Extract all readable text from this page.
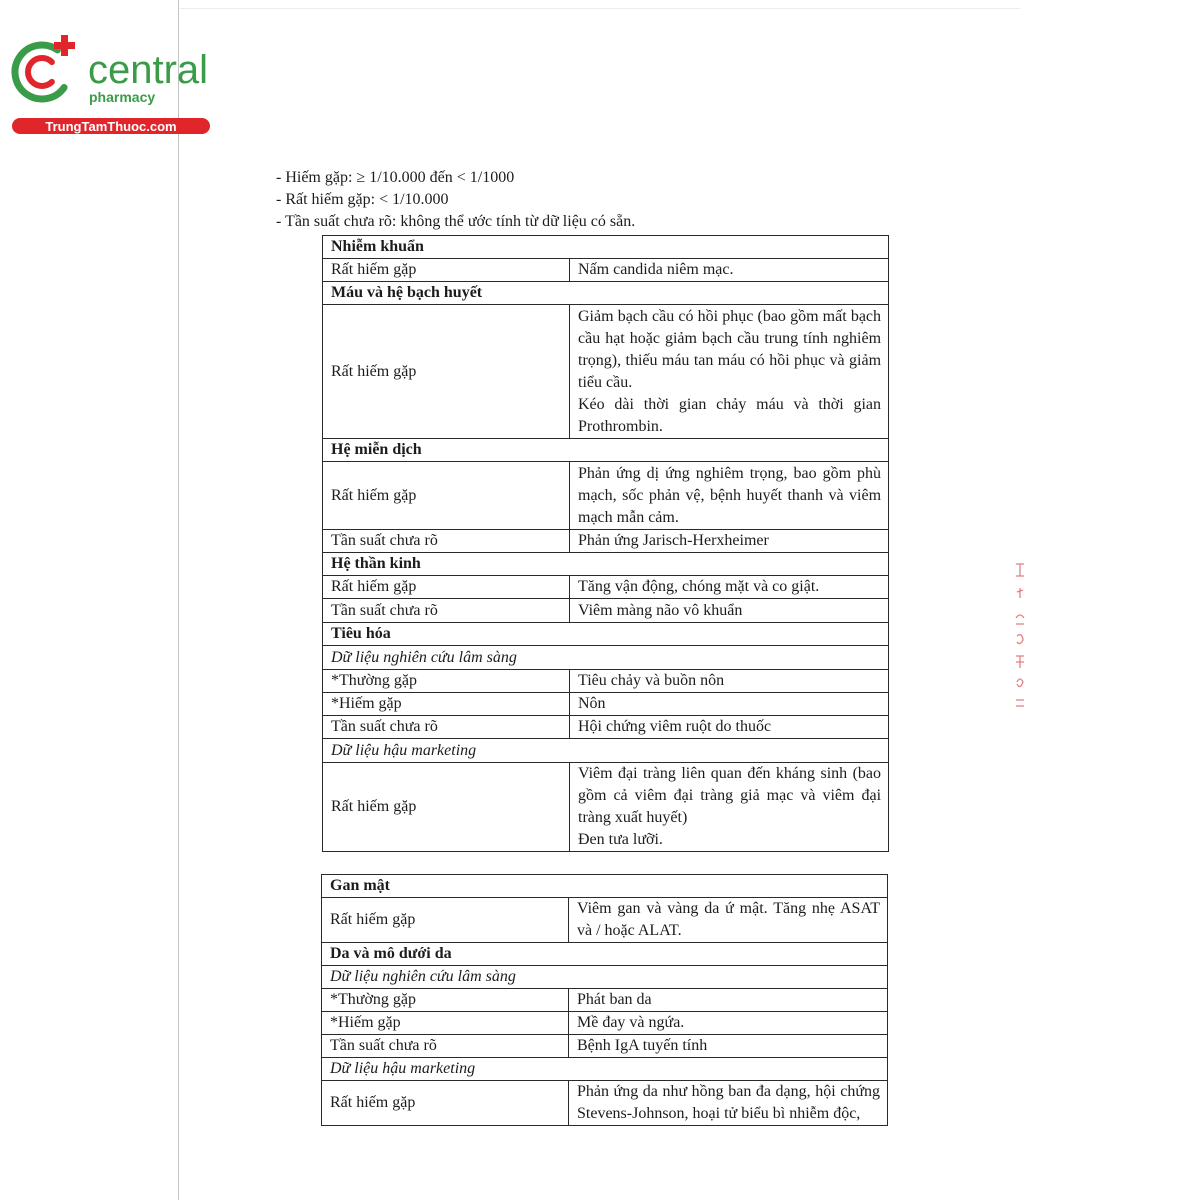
central
pharmacy
TrungTamThuoc.com
- Hiếm gặp: ≥ 1/10.000 đến < 1/1000
- Rất hiếm gặp: < 1/10.000
- Tần suất chưa rõ: không thể ước tính từ dữ liệu có sẵn.
Nhiễm khuẩn	
Rất hiếm gặp	Nấm candida niêm mạc.

Máu và hệ bạch huyết	
Rất hiếm gặp	Giảm bạch cầu có hồi phục (bao gồm mất bạch cầu hạt hoặc giảm bạch cầu trung tính nghiêm trọng), thiếu máu tan máu có hồi phục và giảm tiểu cầu.
Kéo dài thời gian chảy máu và thời gian Prothrombin.

Hệ miễn dịch	
Rất hiếm gặp	Phản ứng dị ứng nghiêm trọng, bao gồm phù mạch, sốc phản vệ, bệnh huyết thanh và viêm mạch mẫn cảm.

Tần suất chưa rõ	Phản ứng Jarisch-Herxheimer

Hệ thần kinh	
Rất hiếm gặp	Tăng vận động, chóng mặt và co giật.

Tần suất chưa rõ	Viêm màng não vô khuẩn

Tiêu hóa	
Dữ liệu nghiên cứu lâm sàng	
*Thường gặp	Tiêu chảy và buồn nôn

*Hiếm gặp	Nôn

Tần suất chưa rõ	Hội chứng viêm ruột do thuốc

Dữ liệu hậu marketing	
Rất hiếm gặp	Viêm đại tràng liên quan đến kháng sinh (bao gồm cả viêm đại tràng giả mạc và viêm đại tràng xuất huyết)
Đen tưa lưỡi.
Gan mật	
Rất hiếm gặp	Viêm gan và vàng da ứ mật. Tăng nhẹ ASAT và / hoặc ALAT.

Da và mô dưới da	
Dữ liệu nghiên cứu lâm sàng	
*Thường gặp	Phát ban da

*Hiếm gặp	Mề đay và ngứa.

Tần suất chưa rõ	Bệnh IgA tuyến tính

Dữ liệu hậu marketing	
Rất hiếm gặp	Phản ứng da như hồng ban đa dạng, hội chứng Stevens-Johnson, hoại tử biểu bì nhiễm độc,
